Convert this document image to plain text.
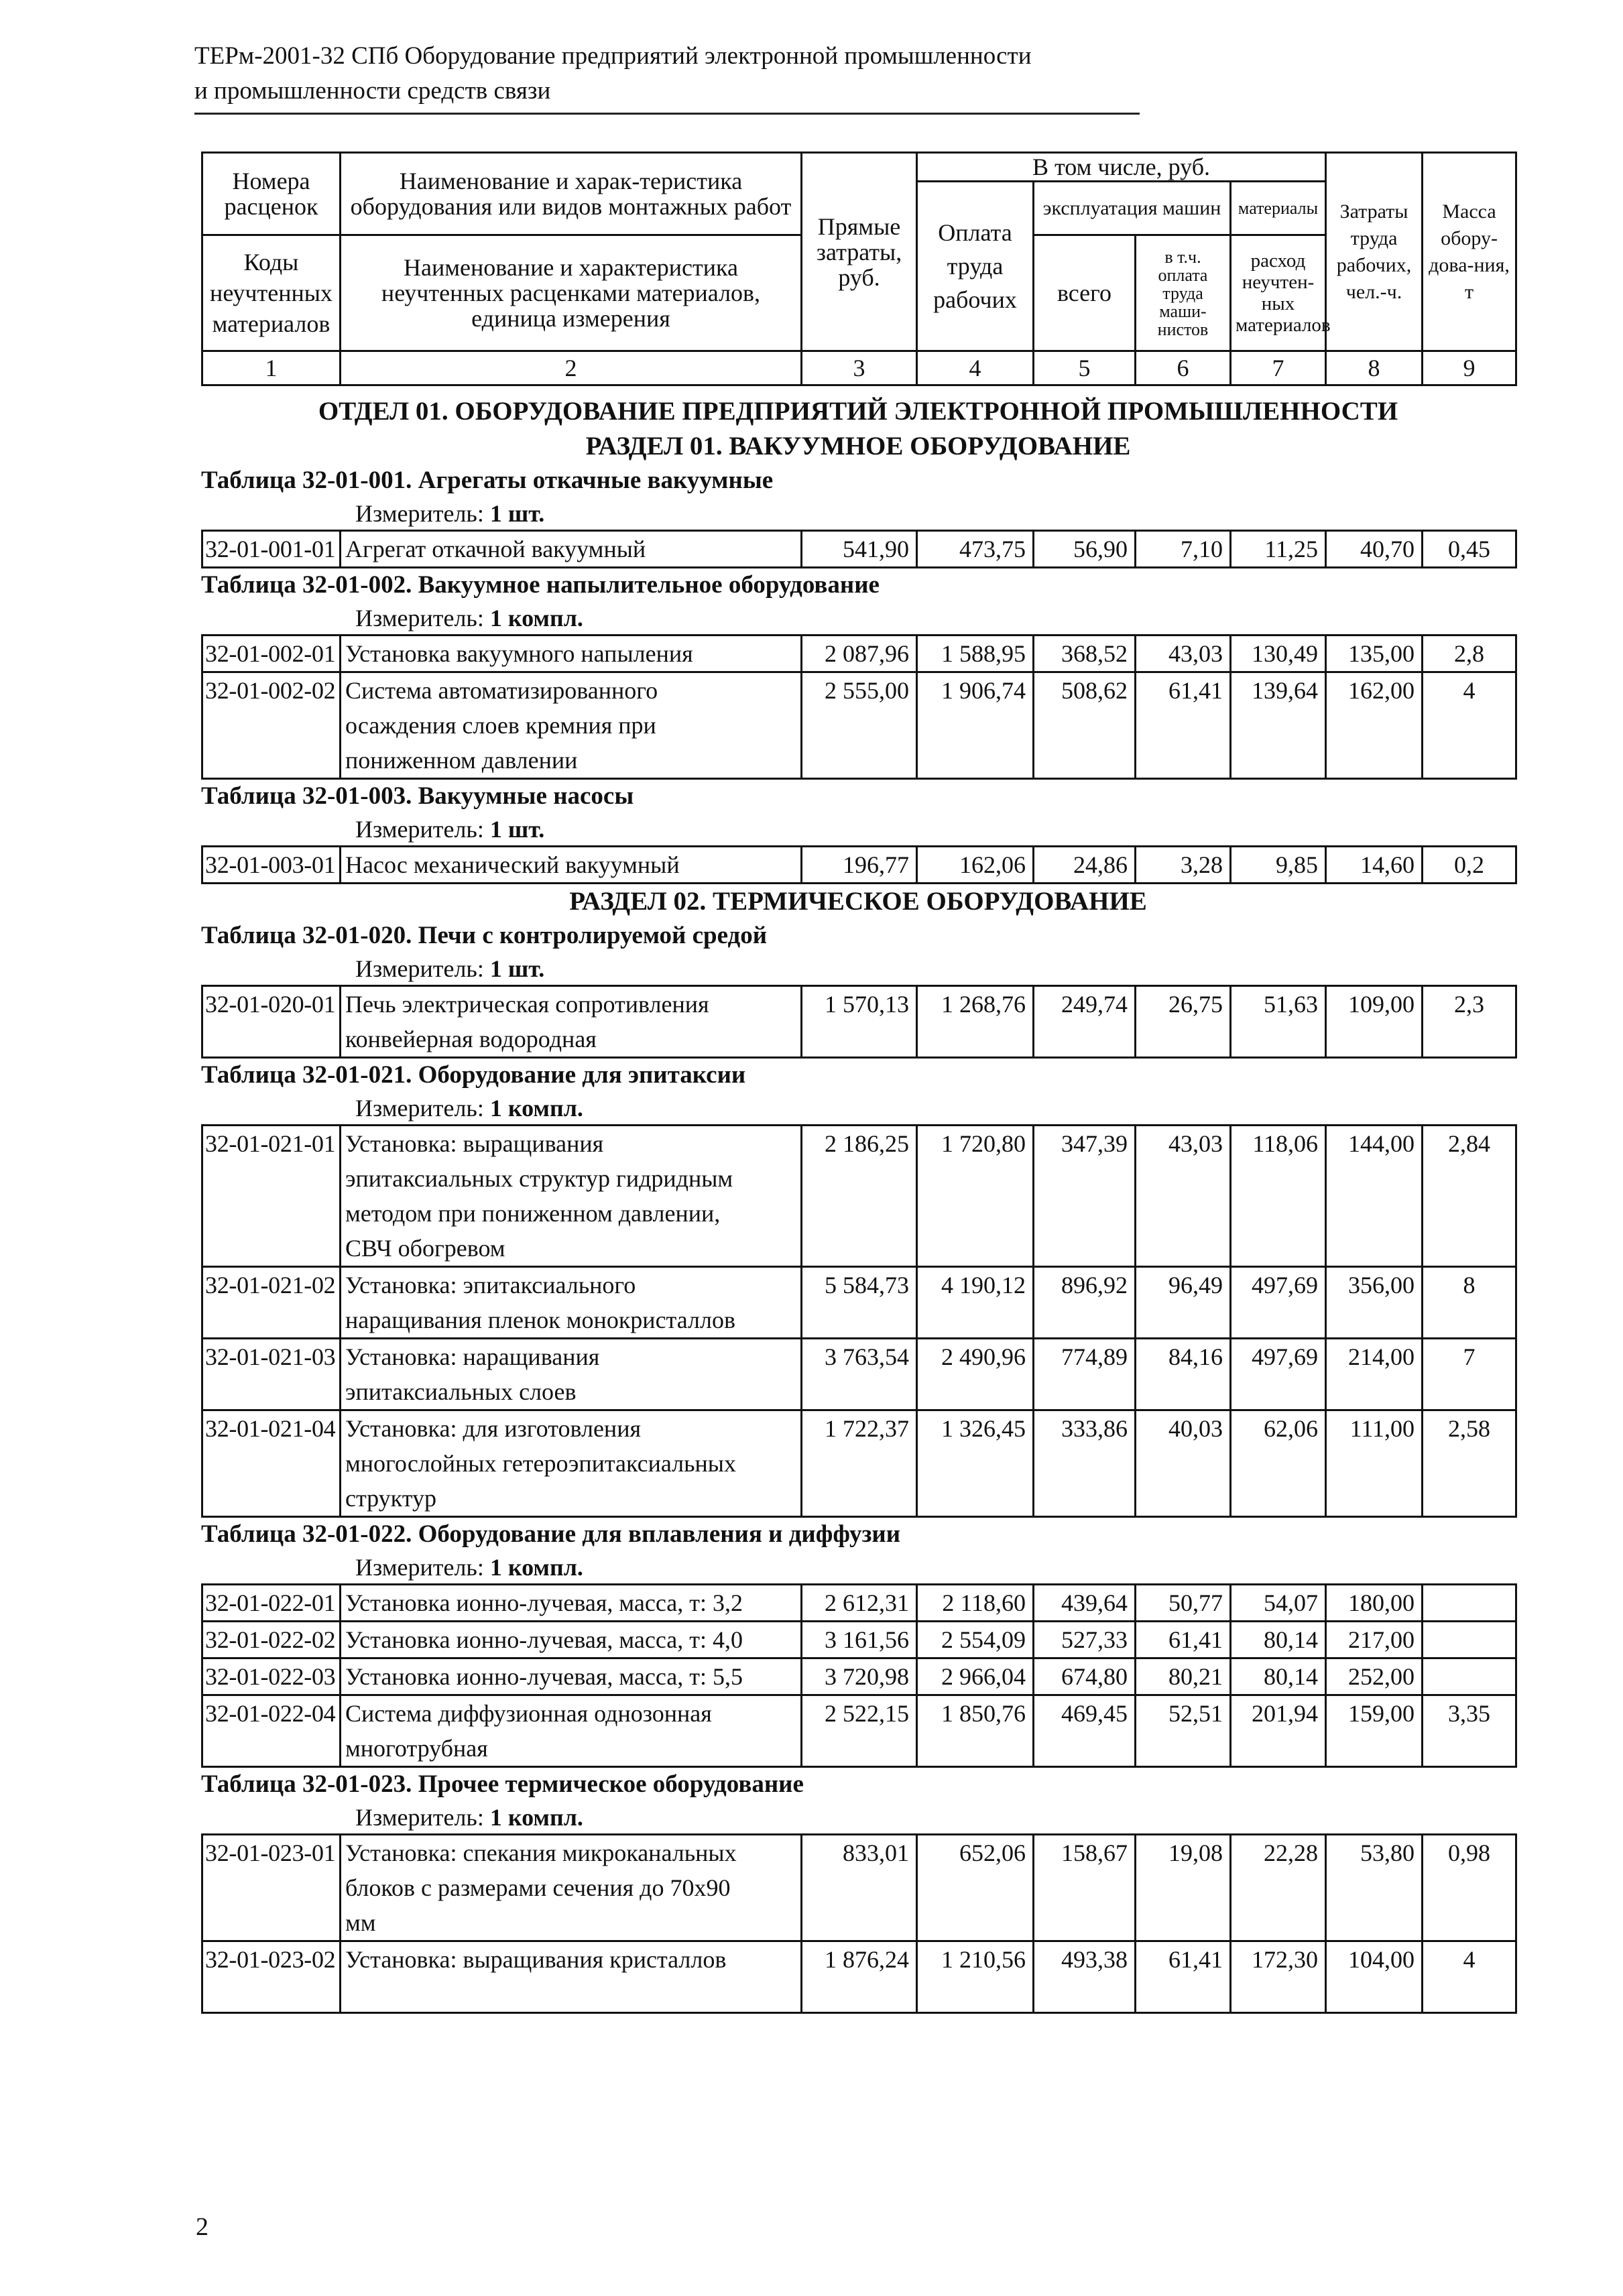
ТЕРм-2001-32 СПб Оборудование предприятий электронной промышленности
и промышленности средств связи
Номера расценок	Наименование и харак-теристика оборудования или видов монтажных работ	Прямые затраты, руб.	В том числе, руб.				Затраты труда рабочих, чел.-ч.	Масса обору-дова-ния, т	
			Оплата труда рабочих	эксплуатация машин		материалы			
Коды неучтенных материалов	Наименование и характеристика неучтенных расценками материалов, единица измерения			всего	в т.ч. оплата труда маши-нистов	расход неучтен-ных материалов			

1	2	3	4	5	6	7	8	9	
ОТДЕЛ 01. ОБОРУДОВАНИЕ ПРЕДПРИЯТИЙ ЭЛЕКТРОННОЙ ПРОМЫШЛЕННОСТИ
РАЗДЕЛ 01. ВАКУУМНОЕ ОБОРУДОВАНИЕ
Таблица 32-01-001. Агрегаты откачные вакуумные
Измеритель: 1 шт.
32-01-001-01	Агрегат откачной вакуумный	541,90	473,75	56,90	7,10	11,25	40,70	0,45
Таблица 32-01-002. Вакуумное напылительное оборудование
Измеритель: 1 компл.
32-01-002-01	Установка вакуумного напыления	2 087,96	1 588,95	368,52	43,03	130,49	135,00	2,8
32-01-002-02	Система автоматизированного
осаждения слоев кремния при
пониженном давлении	2 555,00	1 906,74	508,62	61,41	139,64	162,00	4
Таблица 32-01-003. Вакуумные насосы
Измеритель: 1 шт.
32-01-003-01	Насос механический вакуумный	196,77	162,06	24,86	3,28	9,85	14,60	0,2
РАЗДЕЛ 02. ТЕРМИЧЕСКОЕ ОБОРУДОВАНИЕ
Таблица 32-01-020. Печи с контролируемой средой
Измеритель: 1 шт.
32-01-020-01	Печь электрическая сопротивления
конвейерная водородная	1 570,13	1 268,76	249,74	26,75	51,63	109,00	2,3
Таблица 32-01-021. Оборудование для эпитаксии
Измеритель: 1 компл.
32-01-021-01	Установка: выращивания
эпитаксиальных структур гидридным
методом при пониженном давлении,
СВЧ обогревом	2 186,25	1 720,80	347,39	43,03	118,06	144,00	2,84
32-01-021-02	Установка: эпитаксиального
наращивания пленок монокристаллов	5 584,73	4 190,12	896,92	96,49	497,69	356,00	8
32-01-021-03	Установка: наращивания
эпитаксиальных слоев	3 763,54	2 490,96	774,89	84,16	497,69	214,00	7
32-01-021-04	Установка: для изготовления
многослойных гетероэпитаксиальных
структур	1 722,37	1 326,45	333,86	40,03	62,06	111,00	2,58
Таблица 32-01-022. Оборудование для вплавления и диффузии
Измеритель: 1 компл.
32-01-022-01	Установка ионно-лучевая, масса, т: 3,2	2 612,31	2 118,60	439,64	50,77	54,07	180,00	
32-01-022-02	Установка ионно-лучевая, масса, т: 4,0	3 161,56	2 554,09	527,33	61,41	80,14	217,00	
32-01-022-03	Установка ионно-лучевая, масса, т: 5,5	3 720,98	2 966,04	674,80	80,21	80,14	252,00	
32-01-022-04	Система диффузионная однозонная
многотрубная	2 522,15	1 850,76	469,45	52,51	201,94	159,00	3,35
Таблица 32-01-023. Прочее термическое оборудование
Измеритель: 1 компл.
32-01-023-01	Установка: спекания микроканальных
блоков с размерами сечения до 70х90
мм	833,01	652,06	158,67	19,08	22,28	53,80	0,98
32-01-023-02	Установка: выращивания кристаллов	1 876,24	1 210,56	493,38	61,41	172,30	104,00	4
2
